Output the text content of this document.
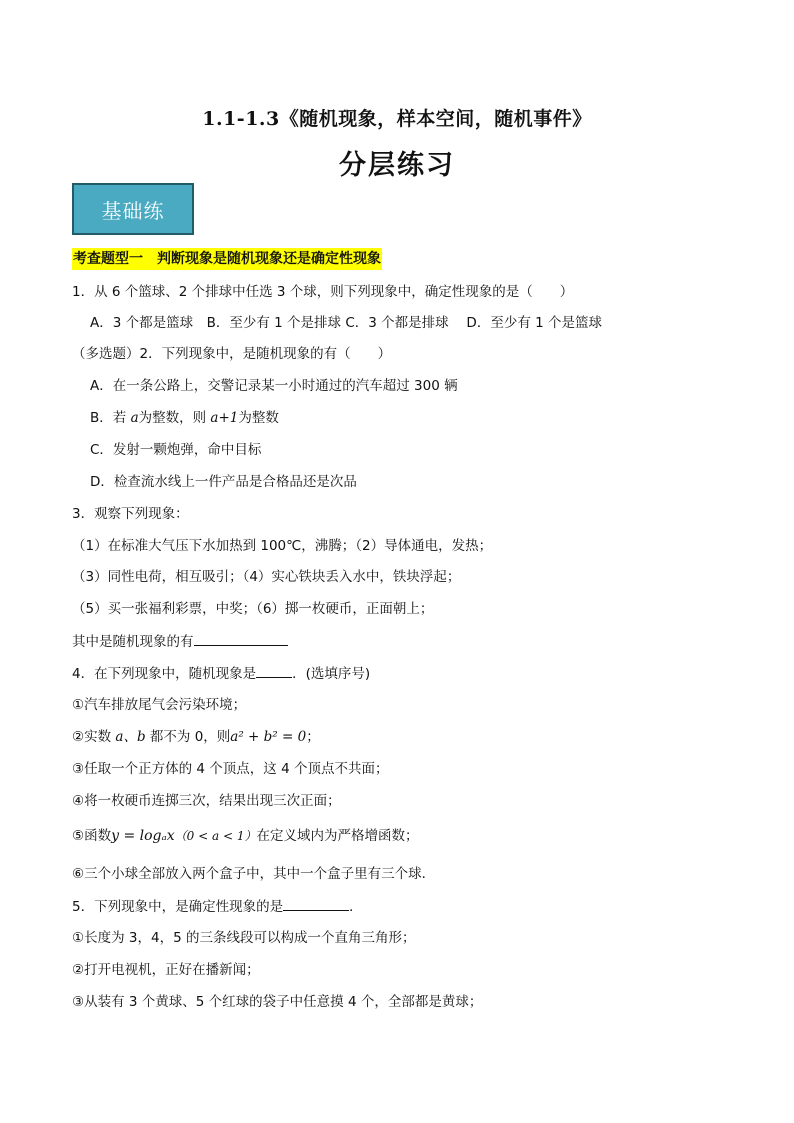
1.1-1.3《随机现象，样本空间，随机事件》
分层练习
基础练
考查题型一　判断现象是随机现象还是确定性现象
1．从 6 个篮球、2 个排球中任选 3 个球，则下列现象中，确定性现象的是（　　）
A．3 个都是篮球　B．至少有 1 个是排球 C．3 个都是排球　 D．至少有 1 个是篮球
（多选题）2．下列现象中，是随机现象的有（　　）
A．在一条公路上，交警记录某一小时通过的汽车超过 300 辆
B．若 a为整数，则 a+1为整数
C．发射一颗炮弹，命中目标
D．检查流水线上一件产品是合格品还是次品
3．观察下列现象：
（1）在标准大气压下水加热到 100℃，沸腾；（2）导体通电，发热；
（3）同性电荷，相互吸引；（4）实心铁块丢入水中，铁块浮起；
（5）买一张福利彩票，中奖；（6）掷一枚硬币，正面朝上；
其中是随机现象的有
4．在下列现象中，随机现象是	．(选填序号)
①汽车排放尾气会污染环境；
②实数 a、b 都不为 0，则a² + b² = 0；
③任取一个正方体的 4 个顶点，这 4 个顶点不共面；
④将一枚硬币连掷三次，结果出现三次正面；
⑤函数y = logₐx（0 < a < 1）在定义域内为严格增函数；
⑥三个小球全部放入两个盒子中，其中一个盒子里有三个球．
5．下列现象中，是确定性现象的是	．
①长度为 3，4，5 的三条线段可以构成一个直角三角形；
②打开电视机，正好在播新闻；
③从装有 3 个黄球、5 个红球的袋子中任意摸 4 个，全部都是黄球；
